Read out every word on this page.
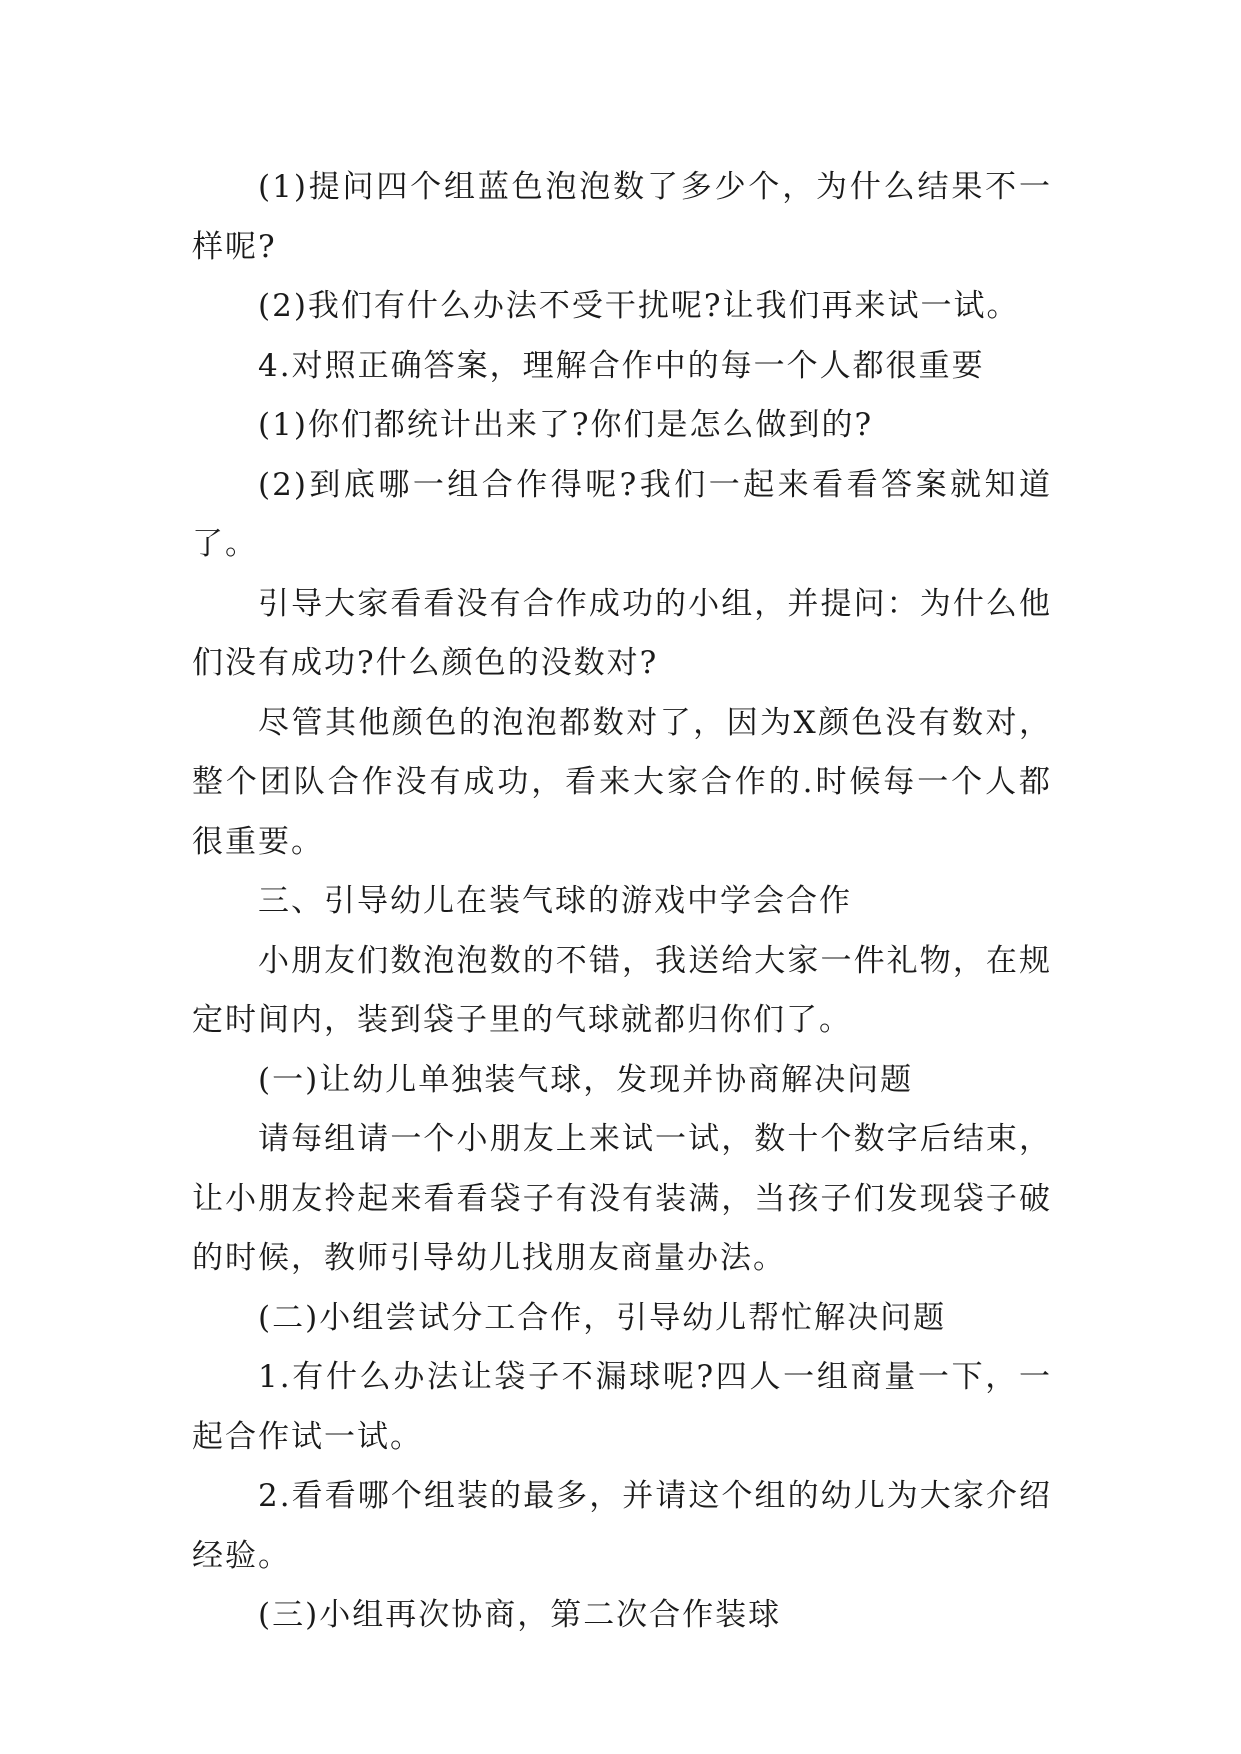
(1)提问四个组蓝色泡泡数了多少个，为什么结果不一样呢?

(2)我们有什么办法不受干扰呢?让我们再来试一试。

4.对照正确答案，理解合作中的每一个人都很重要

(1)你们都统计出来了?你们是怎么做到的?

(2)到底哪一组合作得呢?我们一起来看看答案就知道了。

引导大家看看没有合作成功的小组，并提问：为什么他们没有成功?什么颜色的没数对?

尽管其他颜色的泡泡都数对了，因为X颜色没有数对，整个团队合作没有成功，看来大家合作的.时候每一个人都很重要。

三、引导幼儿在装气球的游戏中学会合作

小朋友们数泡泡数的不错，我送给大家一件礼物，在规定时间内，装到袋子里的气球就都归你们了。

(一)让幼儿单独装气球，发现并协商解决问题

请每组请一个小朋友上来试一试，数十个数字后结束，让小朋友拎起来看看袋子有没有装满，当孩子们发现袋子破的时候，教师引导幼儿找朋友商量办法。

(二)小组尝试分工合作，引导幼儿帮忙解决问题

1.有什么办法让袋子不漏球呢?四人一组商量一下，一起合作试一试。

2.看看哪个组装的最多，并请这个组的幼儿为大家介绍经验。

(三)小组再次协商，第二次合作装球
